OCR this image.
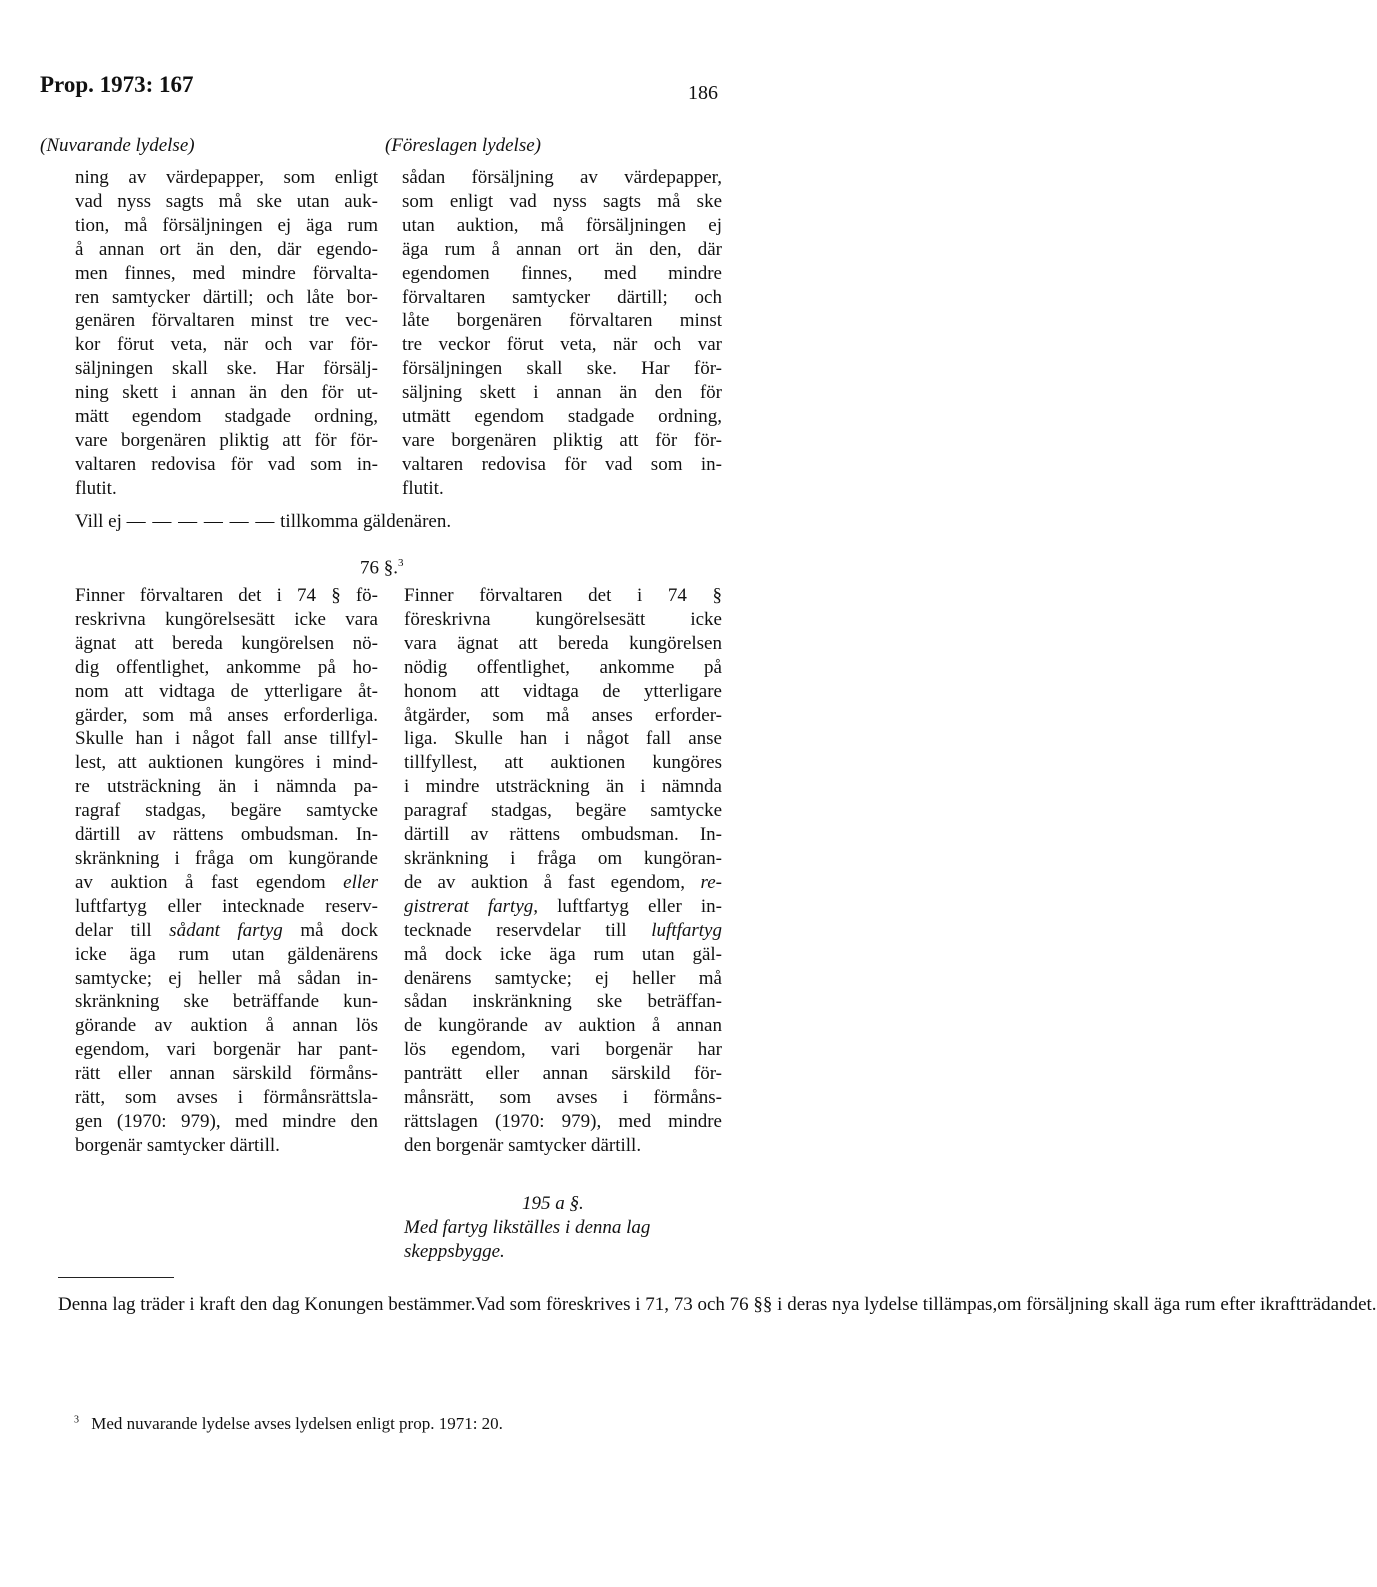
Prop. 1973: 167	186
(Nuvarande lydelse)	(Föreslagen lydelse)
ning av värdepapper, som enligt
vad nyss sagts må ske utan auk-
tion, må försäljningen ej äga rum
å annan ort än den, där egendo-
men finnes, med mindre förvalta-
ren samtycker därtill; och låte bor-
genären förvaltaren minst tre vec-
kor förut veta, när och var för-
säljningen skall ske. Har försälj-
ning skett i annan än den för ut-
mätt egendom stadgade ordning,
vare borgenären pliktig att för för-
valtaren redovisa för vad som in-
flutit.
sådan försäljning av värdepapper,
som enligt vad nyss sagts må ske
utan auktion, må försäljningen ej
äga rum å annan ort än den, där
egendomen finnes, med mindre
förvaltaren samtycker därtill; och
låte borgenären förvaltaren minst
tre veckor förut veta, när och var
försäljningen skall ske. Har för-
säljning skett i annan än den för
utmätt egendom stadgade ordning,
vare borgenären pliktig att för för-
valtaren redovisa för vad som in-
flutit.
Vill ej — — — — — — tillkomma gäldenären.
76 §.$^3$
Finner förvaltaren det i 74 § fö-
reskrivna kungörelsesätt icke vara
ägnat att bereda kungörelsen nö-
dig offentlighet, ankomme på ho-
nom att vidtaga de ytterligare åt-
gärder, som må anses erforderliga.
Skulle han i något fall anse tillfyl-
lest, att auktionen kungöres i mind-
re utsträckning än i nämnda pa-
ragraf stadgas, begäre samtycke
därtill av rättens ombudsman. In-
skränkning i fråga om kungörande
av auktion å fast egendom eller
luftfartyg eller intecknade reserv-
delar till sådant fartyg må dock
icke äga rum utan gäldenärens
samtycke; ej heller må sådan in-
skränkning ske beträffande kun-
görande av auktion å annan lös
egendom, vari borgenär har pant-
rätt eller annan särskild förmåns-
rätt, som avses i förmånsrättsla-
gen (1970: 979), med mindre den
borgenär samtycker därtill.
Finner förvaltaren det i 74 §
föreskrivna kungörelsesätt icke
vara ägnat att bereda kungörelsen
nödig offentlighet, ankomme på
honom att vidtaga de ytterligare
åtgärder, som må anses erforder-
liga. Skulle han i något fall anse
tillfyllest, att auktionen kungöres
i mindre utsträckning än i nämnda
paragraf stadgas, begäre samtycke
därtill av rättens ombudsman. In-
skränkning i fråga om kungöran-
de av auktion å fast egendom, re-
gistrerat fartyg, luftfartyg eller in-
tecknade reservdelar till luftfartyg
må dock icke äga rum utan gäl-
denärens samtycke; ej heller må
sådan inskränkning ske beträffan-
de kungörande av auktion å annan
lös egendom, vari borgenär har
panträtt eller annan särskild för-
månsrätt, som avses i förmåns-
rättslagen (1970: 979), med mindre
den borgenär samtycker därtill.
195 a §.
Med fartyg likställes i denna lag
skeppsbygge.
Denna lag träder i kraft den dag Konungen bestämmer.Vad som föreskrives i 71, 73 och 76 §§ i deras nya lydelse tillämpas,om försäljning skall äga rum efter ikraftträdandet.
$^3$ Med nuvarande lydelse avses lydelsen enligt prop. 1971: 20.
